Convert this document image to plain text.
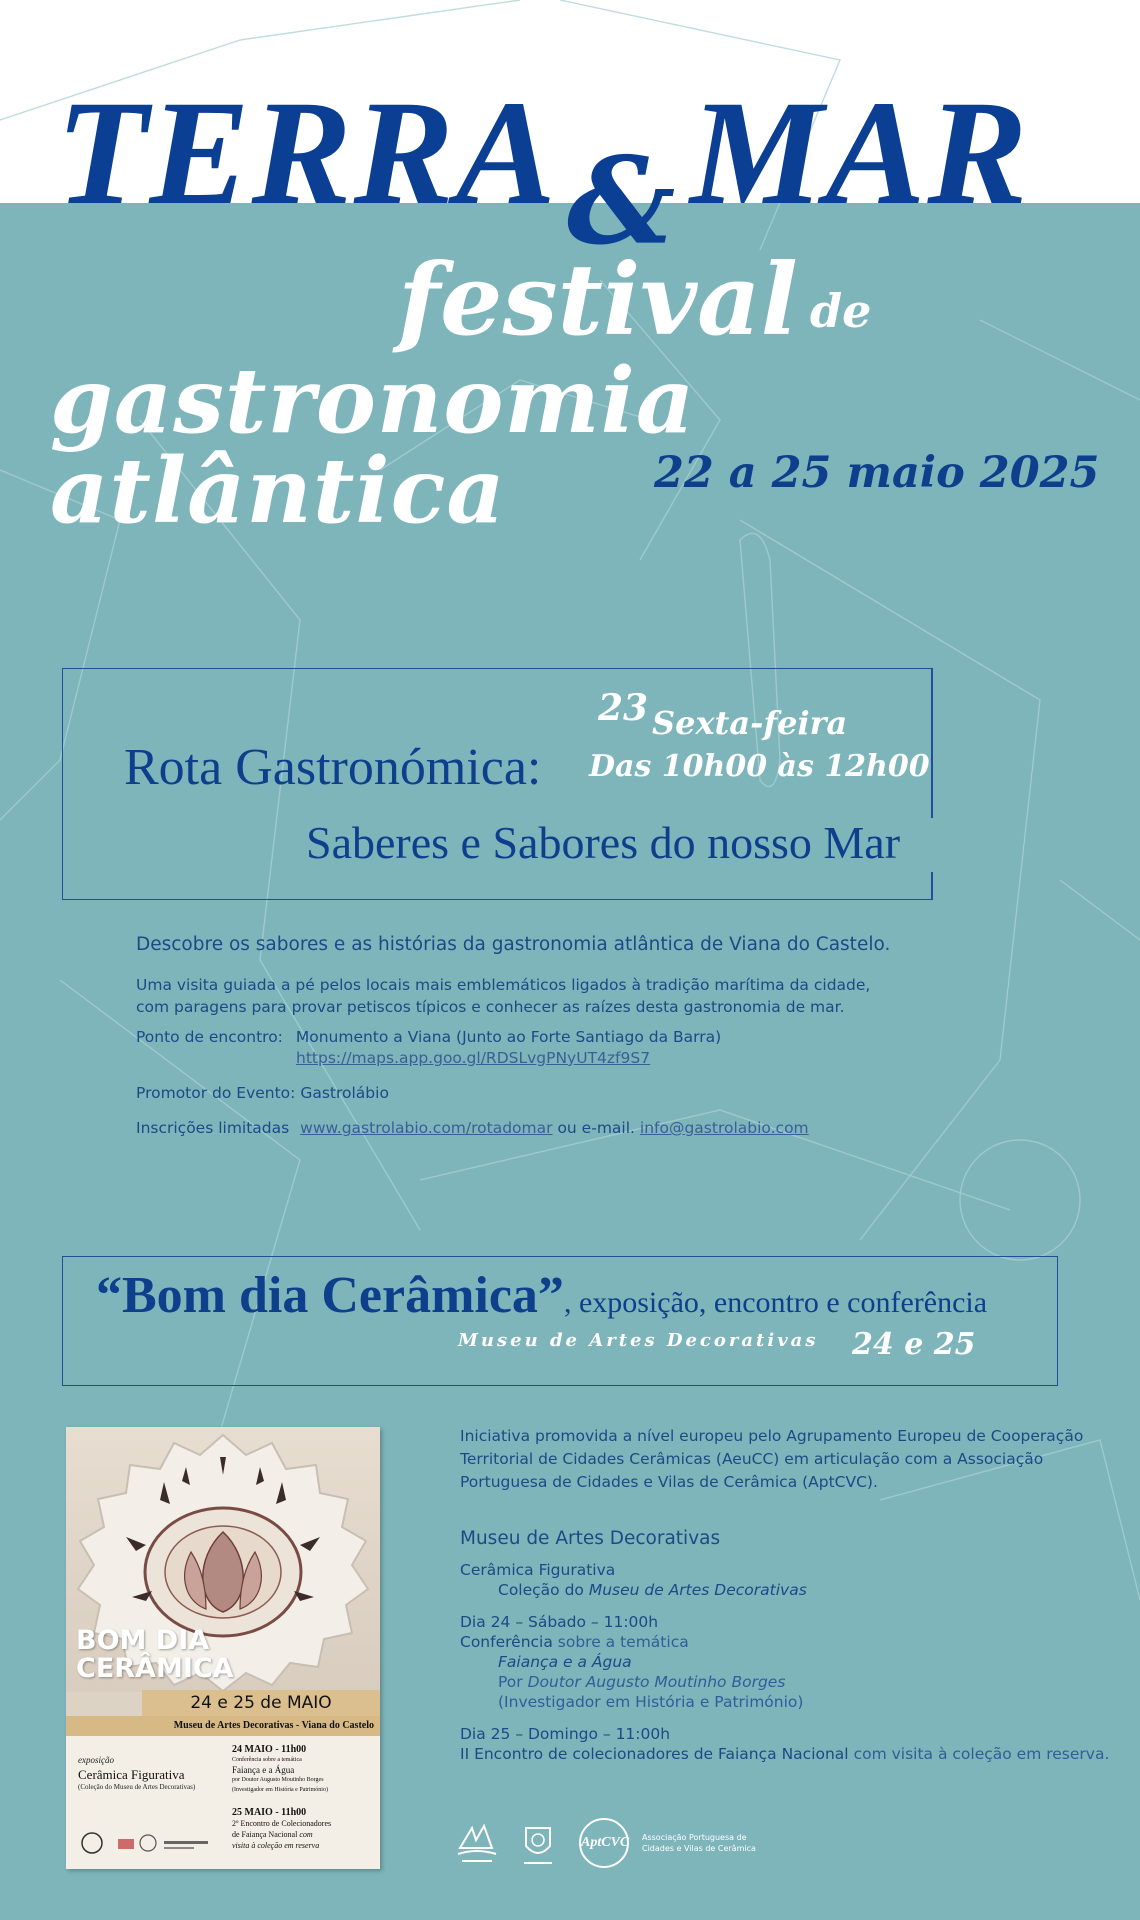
TERRA & MAR
festival de
gastronomia atlântica	22 a 25 maio 2025
Rota Gastronómica:
Saberes e Sabores do nosso Mar
23 Sexta-feira
Das 10h00 às 12h00
Descobre os sabores e as histórias da gastronomia atlântica de Viana do Castelo.
Uma visita guiada a pé pelos locais mais emblemáticos ligados à tradição marítima da cidade,
com paragens para provar petiscos típicos e conhecer as raízes desta gastronomia de mar.
Ponto de encontro: Monumento a Viana (Junto ao Forte Santiago da Barra)
https://maps.app.goo.gl/RDSLvgPNyUT4zf9S7
Promotor do Evento: Gastrolábio
Inscrições limitadas www.gastrolabio.com/rotadomar ou e-mail. info@gastrolabio.com
“Bom dia Cerâmica”, exposição, encontro e conferência
Museu de Artes Decorativas 24 e 25
BOM DIA
CERÂMICA
24 e 25 de MAIO
Museu de Artes Decorativas - Viana do Castelo
exposição
Cerâmica Figurativa
(Coleção do Museu de Artes Decorativas)
24 MAIO - 11h00
Conferência sobre a temática
Faiança e a Água
por Doutor Augusto Moutinho Borges
(Investigador em História e Património)
25 MAIO - 11h00
2º Encontro de Colecionadores
de Faiança Nacional com
visita à coleção em reserva
Iniciativa promovida a nível europeu pelo Agrupamento Europeu de Cooperação
Territorial de Cidades Cerâmicas (AeuCC) em articulação com a Associação
Portuguesa de Cidades e Vilas de Cerâmica (AptCVC).
Museu de Artes Decorativas
Cerâmica Figurativa
Coleção do Museu de Artes Decorativas
Dia 24 – Sábado – 11:00h
Conferência sobre a temática
Faiança e a Água
Por Doutor Augusto Moutinho Borges
(Investigador em História e Património)
Dia 25 – Domingo – 11:00h
II Encontro de colecionadores de Faiança Nacional com visita à coleção em reserva.
AptCVC Associação Portuguesa de
Cidades e Vilas de Cerâmica
